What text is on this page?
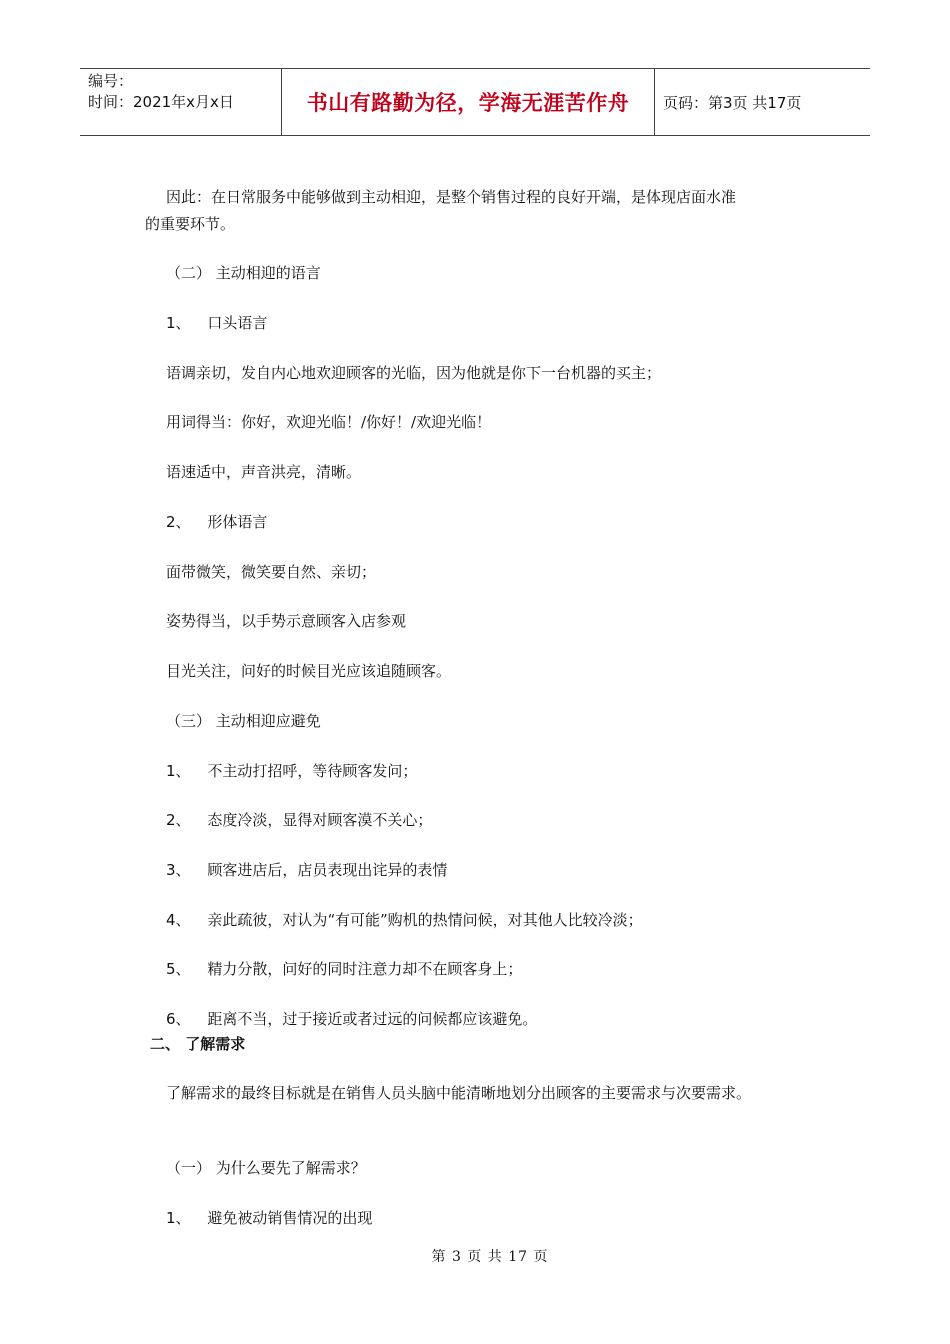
编号：
时间：2021年x月x日	书山有路勤为径，学海无涯苦作舟 页码：第3页 共17页
因此：在日常服务中能够做到主动相迎，是整个销售过程的良好开端，是体现店面水准
的重要环节。
（二） 主动相迎的语言
1、 口头语言
语调亲切，发自内心地欢迎顾客的光临，因为他就是你下一台机器的买主；
用词得当：你好，欢迎光临！/你好！/欢迎光临！
语速适中，声音洪亮，清晰。
2、 形体语言
面带微笑，微笑要自然、亲切；
姿势得当，以手势示意顾客入店参观
目光关注，问好的时候目光应该追随顾客。
（三） 主动相迎应避免
1、 不主动打招呼，等待顾客发问；
2、 态度冷淡，显得对顾客漠不关心；
3、 顾客进店后，店员表现出诧异的表情
4、 亲此疏彼，对认为“有可能”购机的热情问候，对其他人比较冷淡；
5、 精力分散，问好的同时注意力却不在顾客身上；
6、 距离不当，过于接近或者过远的问候都应该避免。
二、 了解需求
了解需求的最终目标就是在销售人员头脑中能清晰地划分出顾客的主要需求与次要需求。
（一） 为什么要先了解需求？
1、 避免被动销售情况的出现
第 3 页 共 17 页
